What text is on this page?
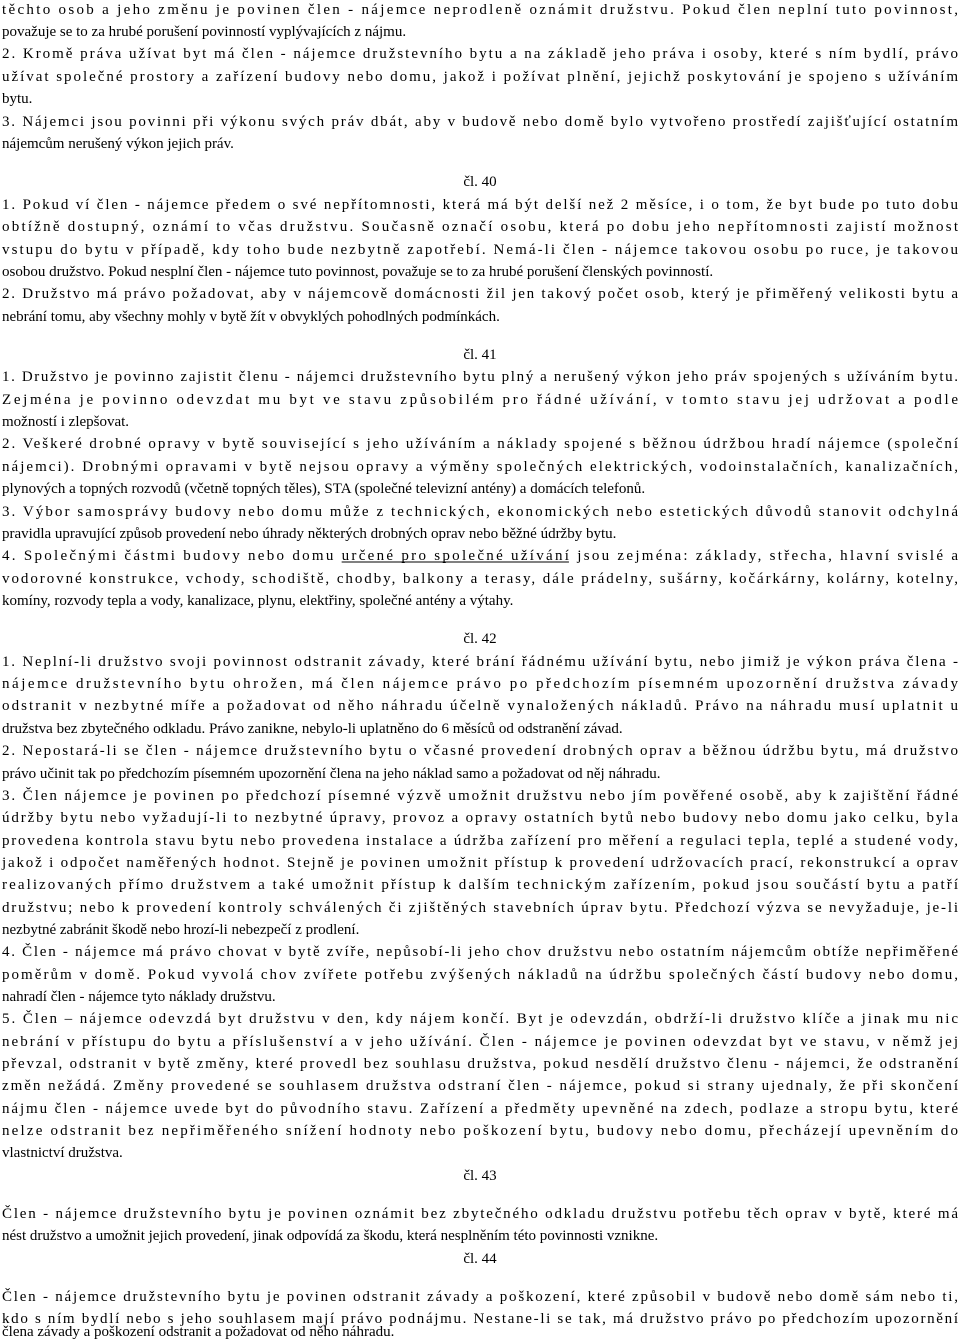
těchto osob a jeho změnu je povinen člen - nájemce neprodleně oznámit družstvu. Pokud člen neplní tuto povinnost,
považuje se to za hrubé porušení povinností vyplývajících z nájmu.
2. Kromě práva užívat byt má člen - nájemce družstevního bytu a na základě jeho práva i osoby, které s ním bydlí, právo
užívat společné prostory a zařízení budovy nebo domu, jakož i požívat plnění, jejichž poskytování je spojeno s užíváním
bytu.
3. Nájemci jsou povinni při výkonu svých práv dbát, aby v budově nebo domě bylo vytvořeno prostředí zajišťující ostatním
nájemcům nerušený výkon jejich práv.
čl. 40
1. Pokud ví člen - nájemce předem o své nepřítomnosti, která má být delší než 2 měsíce, i o tom, že byt bude po tuto dobu
obtížně dostupný, oznámí to včas družstvu. Současně označí osobu, která po dobu jeho nepřítomnosti zajistí možnost
vstupu do bytu v případě, kdy toho bude nezbytně zapotřebí. Nemá-li člen - nájemce takovou osobu po ruce, je takovou
osobou družstvo. Pokud nesplní člen - nájemce tuto povinnost, považuje se to za hrubé porušení členských povinností.
2. Družstvo má právo požadovat, aby v nájemcově domácnosti žil jen takový počet osob, který je přiměřený velikosti bytu a
nebrání tomu, aby všechny mohly v bytě žít v obvyklých pohodlných podmínkách.
čl. 41
1. Družstvo je povinno zajistit členu - nájemci družstevního bytu plný a nerušený výkon jeho práv spojených s užíváním bytu.
Zejména je povinno odevzdat mu byt ve stavu způsobilém pro řádné užívání, v tomto stavu jej udržovat a podle
možností i zlepšovat.
2. Veškeré drobné opravy v bytě související s jeho užíváním a náklady spojené s běžnou údržbou hradí nájemce (společní
nájemci). Drobnými opravami v bytě nejsou opravy a výměny společných elektrických, vodoinstalačních, kanalizačních,
plynových a topných rozvodů (včetně topných těles), STA (společné televizní antény) a domácích telefonů.
3. Výbor samosprávy budovy nebo domu může z technických, ekonomických nebo estetických důvodů stanovit odchylná
pravidla upravující způsob provedení nebo úhrady některých drobných oprav nebo běžné údržby bytu.
4. Společnými částmi budovy nebo domu určené pro společné užívání jsou zejména: základy, střecha, hlavní svislé a
vodorovné konstrukce, vchody, schodiště, chodby, balkony a terasy, dále prádelny, sušárny, kočárkárny, kolárny, kotelny,
komíny, rozvody tepla a vody, kanalizace, plynu, elektřiny, společné antény a výtahy.
čl. 42
1. Neplní-li družstvo svoji povinnost odstranit závady, které brání řádnému užívání bytu, nebo jimiž je výkon práva člena -
nájemce družstevního bytu ohrožen, má člen nájemce právo po předchozím písemném upozornění družstva závady
odstranit v nezbytné míře a požadovat od něho náhradu účelně vynaložených nákladů. Právo na náhradu musí uplatnit u
družstva bez zbytečného odkladu. Právo zanikne, nebylo-li uplatněno do 6 měsíců od odstranění závad.
2. Nepostará-li se člen - nájemce družstevního bytu o včasné provedení drobných oprav a běžnou údržbu bytu, má družstvo
právo učinit tak po předchozím písemném upozornění člena na jeho náklad samo a požadovat od něj náhradu.
3. Člen nájemce je povinen po předchozí písemné výzvě umožnit družstvu nebo jím pověřené osobě, aby k zajištění řádné
údržby bytu nebo vyžadují-li to nezbytné úpravy, provoz a opravy ostatních bytů nebo budovy nebo domu jako celku, byla
provedena kontrola stavu bytu nebo provedena instalace a údržba zařízení pro měření a regulaci tepla, teplé a studené vody,
jakož i odpočet naměřených hodnot. Stejně je povinen umožnit přístup k provedení udržovacích prací, rekonstrukcí a oprav
realizovaných přímo družstvem a také umožnit přístup k dalším technickým zařízením, pokud jsou součástí bytu a patří
družstvu; nebo k provedení kontroly schválených či zjištěných stavebních úprav bytu. Předchozí výzva se nevyžaduje, je-li
nezbytné zabránit škodě nebo hrozí-li nebezpečí z prodlení.
4. Člen - nájemce má právo chovat v bytě zvíře, nepůsobí-li jeho chov družstvu nebo ostatním nájemcům obtíže nepřiměřené
poměrům v domě. Pokud vyvolá chov zvířete potřebu zvýšených nákladů na údržbu společných částí budovy nebo domu,
nahradí člen - nájemce tyto náklady družstvu.
5. Člen – nájemce odevzdá byt družstvu v den, kdy nájem končí. Byt je odevzdán, obdrží-li družstvo klíče a jinak mu nic
nebrání v přístupu do bytu a příslušenství a v jeho užívání. Člen - nájemce je povinen odevzdat byt ve stavu, v němž jej
převzal, odstranit v bytě změny, které provedl bez souhlasu družstva, pokud nesdělí družstvo členu - nájemci, že odstranění
změn nežádá. Změny provedené se souhlasem družstva odstraní člen - nájemce, pokud si strany ujednaly, že při skončení
nájmu člen - nájemce uvede byt do původního stavu. Zařízení a předměty upevněné na zdech, podlaze a stropu bytu, které
nelze odstranit bez nepřiměřeného snížení hodnoty nebo poškození bytu, budovy nebo domu, přecházejí upevněním do
vlastnictví družstva.
čl. 43
Člen - nájemce družstevního bytu je povinen oznámit bez zbytečného odkladu družstvu potřebu těch oprav v bytě, které má
nést družstvo a umožnit jejich provedení, jinak odpovídá za škodu, která nesplněním této povinnosti vznikne.
čl. 44
Člen - nájemce družstevního bytu je povinen odstranit závady a poškození, které způsobil v budově nebo domě sám nebo ti,
kdo s ním bydlí nebo s jeho souhlasem mají právo podnájmu. Nestane-li se tak, má družstvo právo po předchozím upozornění
člena závady a poškození odstranit a požadovat od něho náhradu.
